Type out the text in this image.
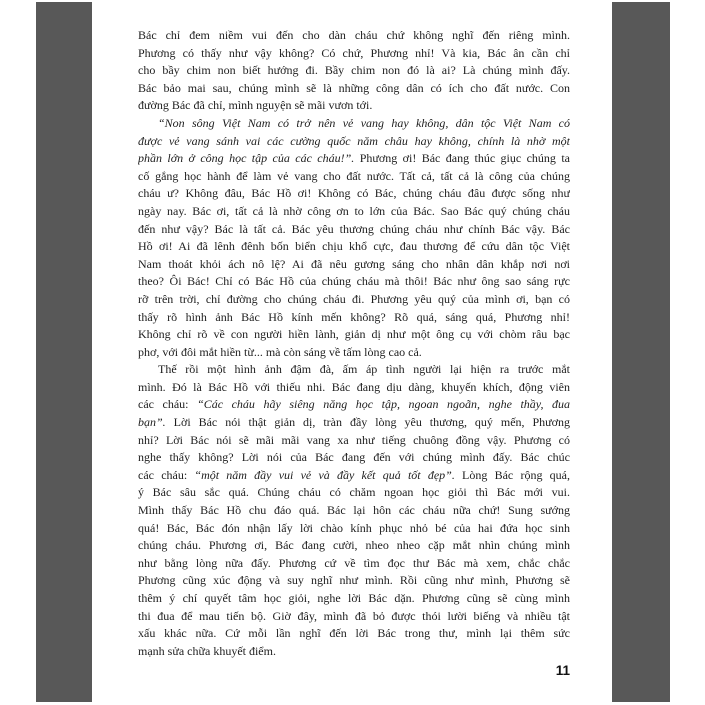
Bác chỉ đem niềm vui đến cho dàn cháu chứ không nghĩ đến riêng mình.
Phương có thấy như vậy không? Có chứ, Phương nhỉ! Và kia, Bác ân cần chỉ
cho bầy chim non biết hướng đi. Bầy chim non đó là ai? Là chúng mình đấy.
Bác bảo mai sau, chúng mình sẽ là những công dân có ích cho đất nước. Con
đường Bác đã chỉ, mình nguyện sẽ mãi vươn tới.
“Non sông Việt Nam có trở nên vẻ vang hay không, dân tộc Việt Nam có
được vẻ vang sánh vai các cường quốc năm châu hay không, chính là nhờ một
phần lớn ở công học tập của các cháu!”. Phương ơi! Bác đang thúc giục chúng ta
cố gắng học hành để làm vẻ vang cho đất nước. Tất cả, tất cả là công của chúng
cháu ư? Không đâu, Bác Hồ ơi! Không có Bác, chúng cháu đâu được sống như
ngày nay. Bác ơi, tất cả là nhờ công ơn to lớn của Bác. Sao Bác quý chúng cháu
đến như vậy? Bác là tất cả. Bác yêu thương chúng cháu như chính Bác vậy. Bác
Hồ ơi! Ai đã lênh đênh bốn biển chịu khổ cực, đau thương để cứu dân tộc Việt
Nam thoát khỏi ách nô lệ? Ai đã nêu gương sáng cho nhân dân khắp nơi nơi
theo? Ôi Bác! Chỉ có Bác Hồ của chúng cháu mà thôi! Bác như ông sao sáng rực
rỡ trên trời, chỉ đường cho chúng cháu đi. Phương yêu quý của mình ơi, bạn có
thấy rõ hình ảnh Bác Hồ kính mến không? Rõ quá, sáng quá, Phương nhỉ!
Không chỉ rõ về con người hiền lành, giản dị như một ông cụ với chòm râu bạc
phơ, với đôi mắt hiền từ... mà còn sáng về tấm lòng cao cả.
Thế rồi một hình ảnh đậm đà, ấm áp tình người lại hiện ra trước mắt
mình. Đó là Bác Hồ với thiếu nhi. Bác đang dịu dàng, khuyến khích, động viên
các cháu: “Các cháu hãy siêng năng học tập, ngoan ngoãn, nghe thầy, đua
bạn”. Lời Bác nói thật giản dị, tràn đầy lòng yêu thương, quý mến, Phương
nhỉ? Lời Bác nói sẽ mãi mãi vang xa như tiếng chuông đồng vậy. Phương có
nghe thấy không? Lời nói của Bác đang đến với chúng mình đấy. Bác chúc
các cháu: “một năm đầy vui vẻ và đầy kết quả tốt đẹp”. Lòng Bác rộng quá,
ý Bác sâu sắc quá. Chúng cháu có chăm ngoan học giỏi thì Bác mới vui.
Mình thấy Bác Hồ chu đáo quá. Bác lại hôn các cháu nữa chứ! Sung sướng
quá! Bác, Bác đón nhận lấy lời chào kính phục nhỏ bé của hai đứa học sinh
chúng cháu. Phương ơi, Bác đang cười, nheo nheo cặp mắt nhìn chúng mình
như bằng lòng nữa đấy. Phương cứ về tìm đọc thư Bác mà xem, chắc chắc
Phương cũng xúc động và suy nghĩ như mình. Rồi cũng như mình, Phương sẽ
thêm ý chí quyết tâm học giỏi, nghe lời Bác dặn. Phương cũng sẽ cùng mình
thi đua để mau tiến bộ. Giờ đây, mình đã bỏ được thói lười biếng và nhiều tật
xấu khác nữa. Cứ mỗi lần nghĩ đến lời Bác trong thư, mình lại thêm sức
mạnh sửa chữa khuyết điểm.
11
